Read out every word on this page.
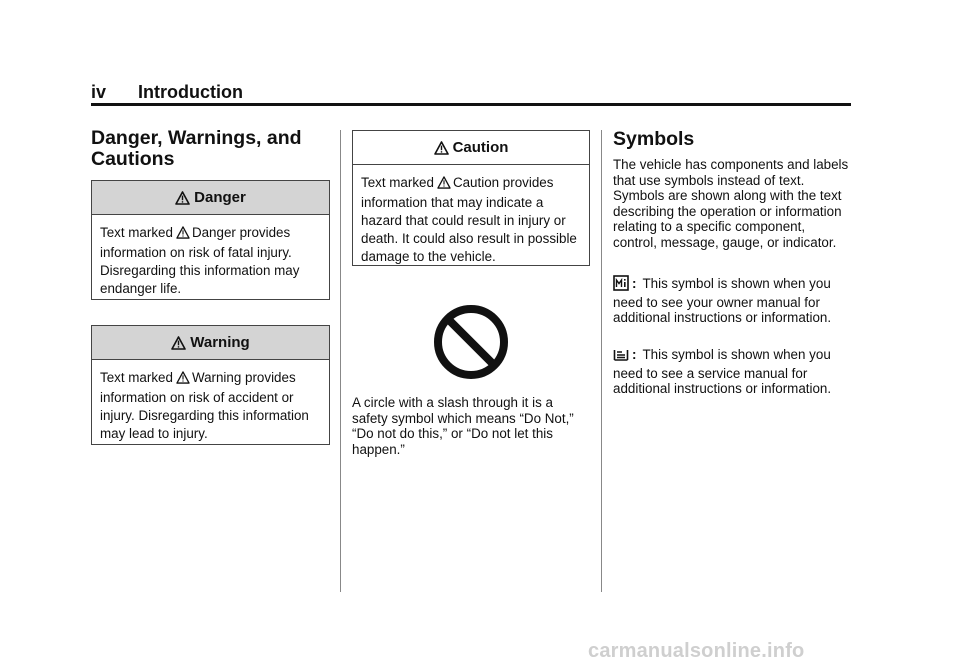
iv Introduction
Danger, Warnings, and Cautions
Danger
Text marked Danger provides information on risk of fatal injury. Disregarding this information may endanger life.
Warning
Text marked Warning provides information on risk of accident or injury. Disregarding this information may lead to injury.
Caution
Text marked Caution provides information that may indicate a hazard that could result in injury or death. It could also result in possible damage to the vehicle.
A circle with a slash through it is a safety symbol which means “Do Not,” “Do not do this,” or “Do not let this happen.”
Symbols
The vehicle has components and labels that use symbols instead of text. Symbols are shown along with the text describing the operation or information relating to a specific component, control, message, gauge, or indicator.
: This symbol is shown when you need to see your owner manual for additional instructions or information.
: This symbol is shown when you need to see a service manual for additional instructions or information.
carmanualsonline.info
